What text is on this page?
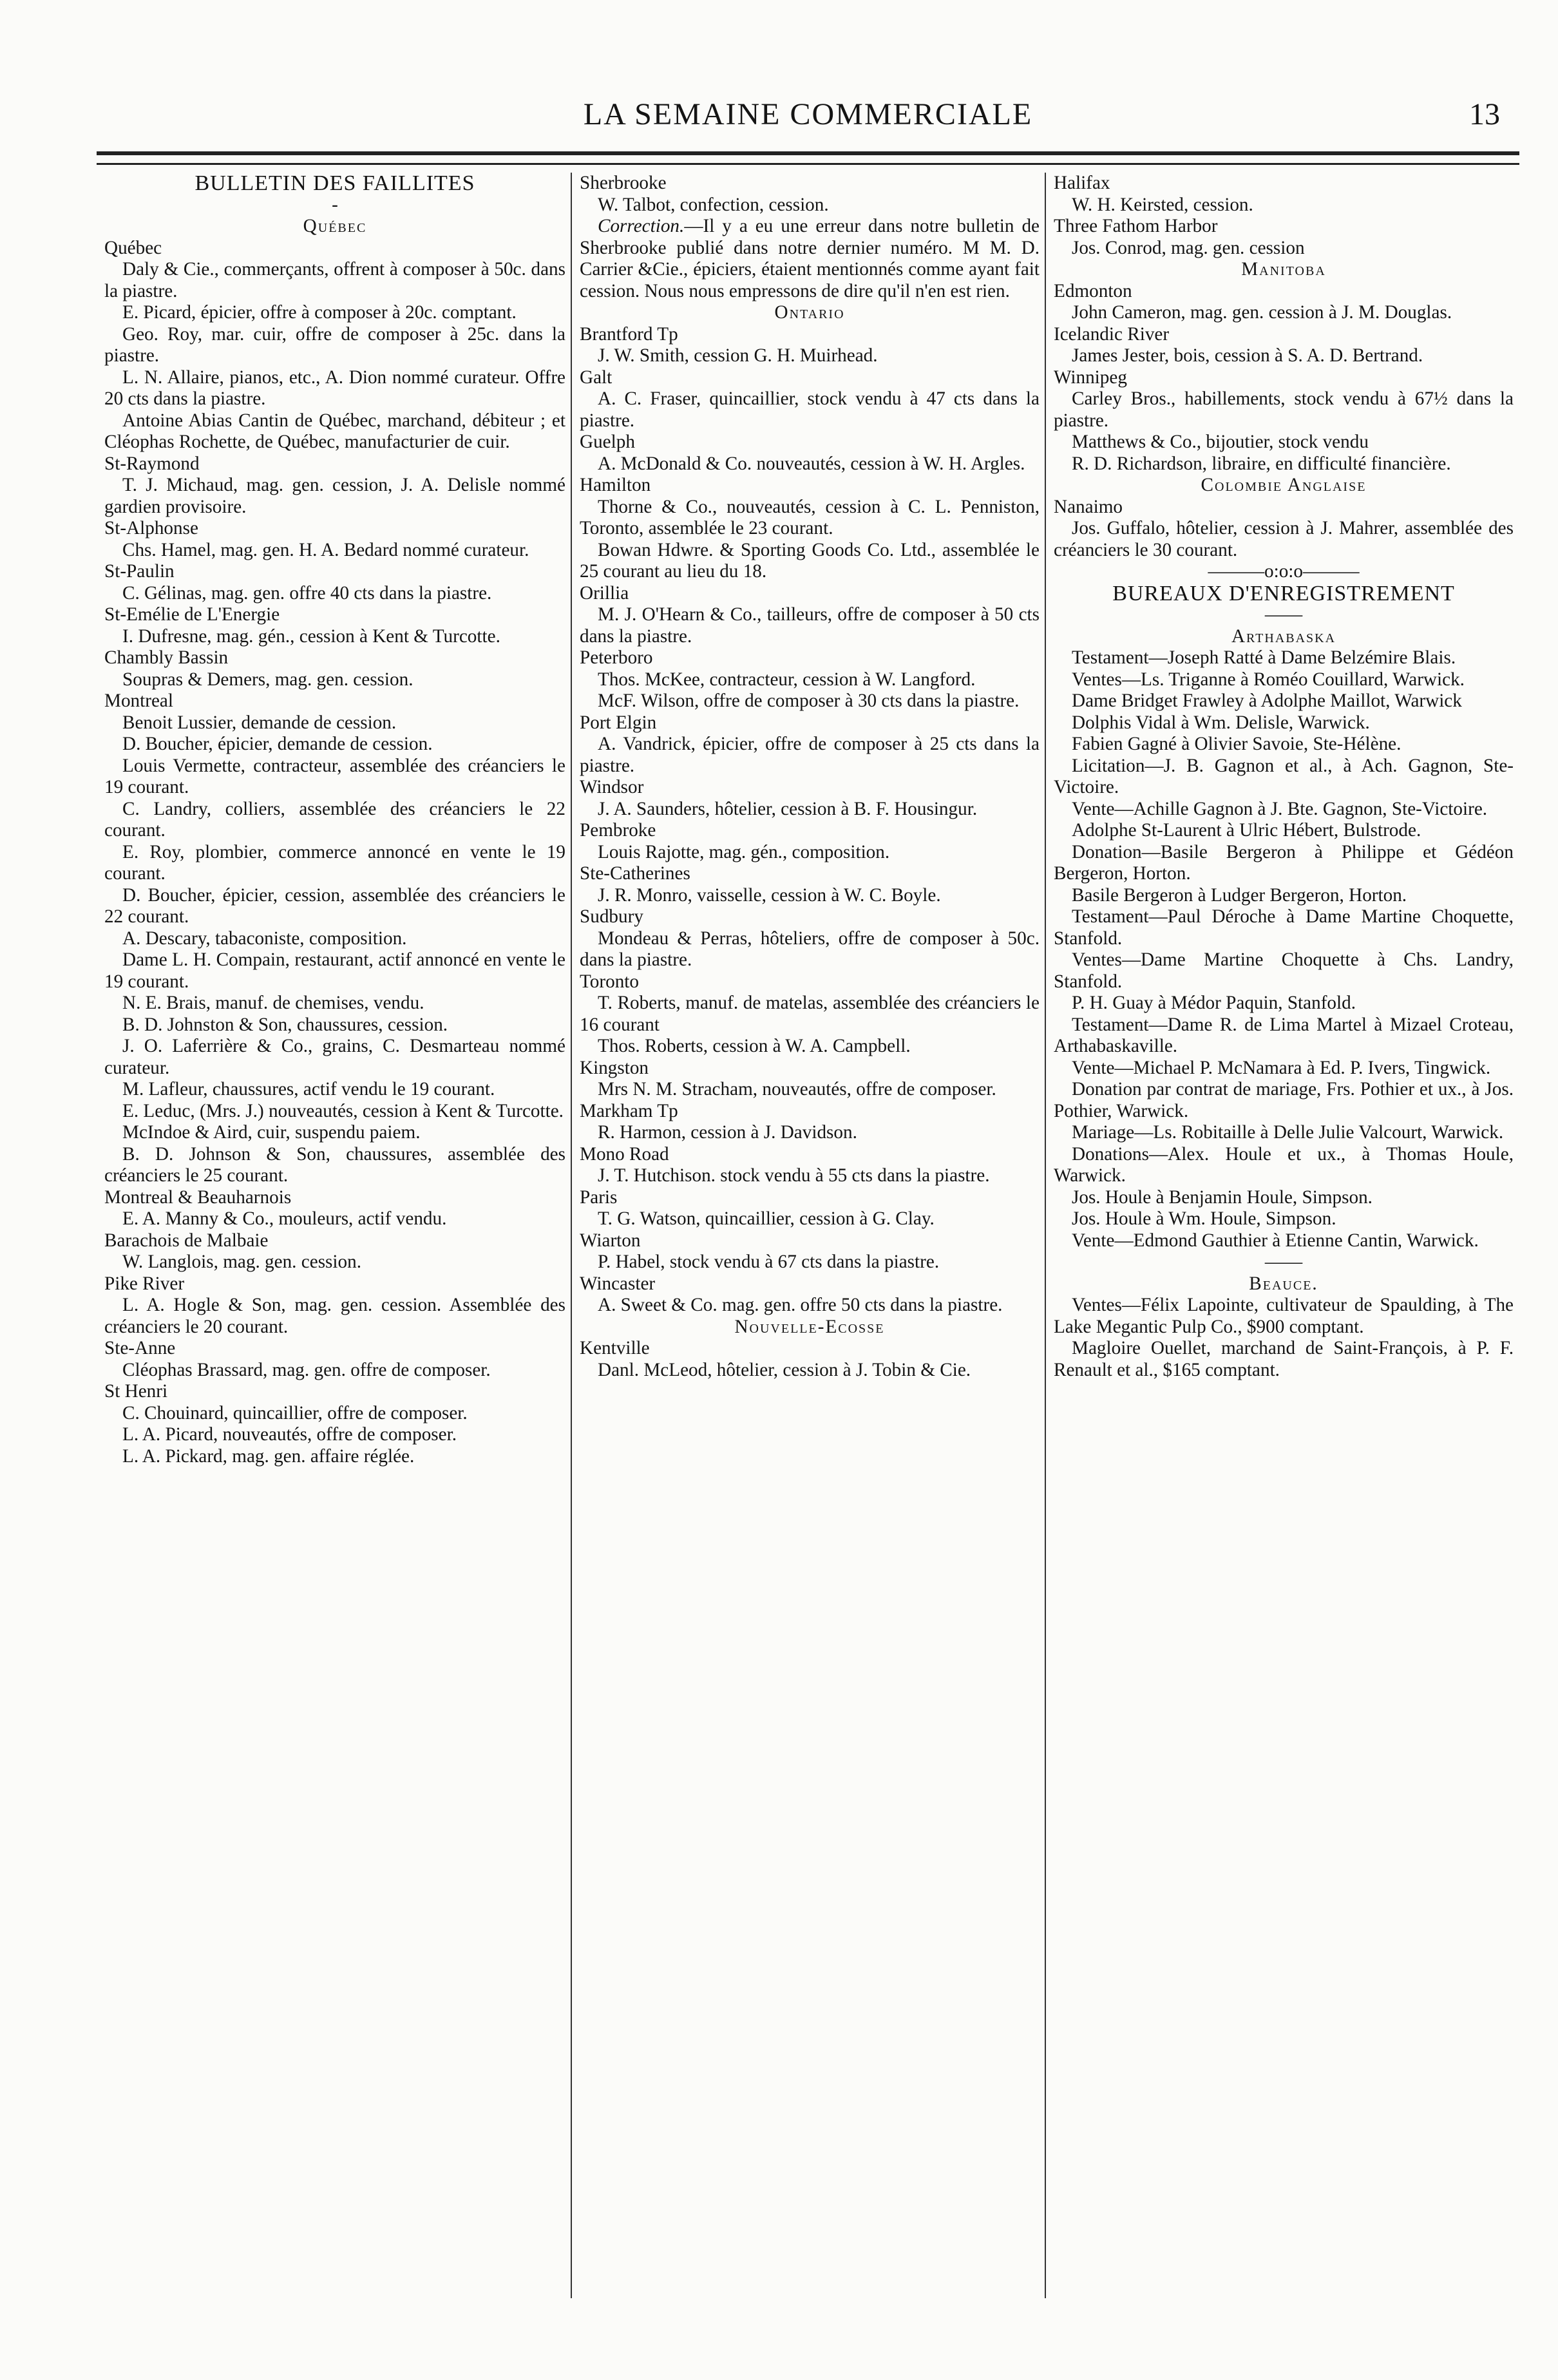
LA SEMAINE COMMERCIALE	13

BULLETIN DES FAILLITES

-

Québec

Québec

Daly & Cie., commerçants, offrent à composer à 50c. dans la piastre.

E. Picard, épicier, offre à composer à 20c. comptant.

Geo. Roy, mar. cuir, offre de composer à 25c. dans la piastre.

L. N. Allaire, pianos, etc., A. Dion nommé curateur. Offre 20 cts dans la piastre.

Antoine Abias Cantin de Québec, marchand, débiteur ; et Cléophas Rochette, de Québec, manufacturier de cuir.

St-Raymond

T. J. Michaud, mag. gen. cession, J. A. Delisle nommé gardien provisoire.

St-Alphonse

Chs. Hamel, mag. gen. H. A. Bedard nommé curateur.

St-Paulin

C. Gélinas, mag. gen. offre 40 cts dans la piastre.

St-Emélie de L'Energie

I. Dufresne, mag. gén., cession à Kent & Turcotte.

Chambly Bassin

Soupras & Demers, mag. gen. cession.

Montreal

Benoit Lussier, demande de cession.

D. Boucher, épicier, demande de cession.

Louis Vermette, contracteur, assemblée des créanciers le 19 courant.

C. Landry, colliers, assemblée des créanciers le 22 courant.

E. Roy, plombier, commerce annoncé en vente le 19 courant.

D. Boucher, épicier, cession, assemblée des créanciers le 22 courant.

A. Descary, tabaconiste, composition.

Dame L. H. Compain, restaurant, actif annoncé en vente le 19 courant.

N. E. Brais, manuf. de chemises, vendu.

B. D. Johnston & Son, chaussures, cession.

J. O. Laferrière & Co., grains, C. Desmarteau nommé curateur.

M. Lafleur, chaussures, actif vendu le 19 courant.

E. Leduc, (Mrs. J.) nouveautés, cession à Kent & Turcotte.

McIndoe & Aird, cuir, suspendu paiem.

B. D. Johnson & Son, chaussures, assemblée des créanciers le 25 courant.

Montreal & Beauharnois

E. A. Manny & Co., mouleurs, actif vendu.

Barachois de Malbaie

W. Langlois, mag. gen. cession.

Pike River

L. A. Hogle & Son, mag. gen. cession. Assemblée des créanciers le 20 courant.

Ste-Anne

Cléophas Brassard, mag. gen. offre de composer.

St Henri

C. Chouinard, quincaillier, offre de composer.

L. A. Picard, nouveautés, offre de composer.

L. A. Pickard, mag. gen. affaire réglée.

Sherbrooke

W. Talbot, confection, cession.

Correction.—Il y a eu une erreur dans notre bulletin de Sherbrooke publié dans notre dernier numéro. M M. D. Carrier &Cie., épiciers, étaient mentionnés comme ayant fait cession. Nous nous empressons de dire qu'il n'en est rien.

Ontario

Brantford Tp

J. W. Smith, cession G. H. Muirhead.

Galt

A. C. Fraser, quincaillier, stock vendu à 47 cts dans la piastre.

Guelph

A. McDonald & Co. nouveautés, cession à W. H. Argles.

Hamilton

Thorne & Co., nouveautés, cession à C. L. Penniston, Toronto, assemblée le 23 courant.

Bowan Hdwre. & Sporting Goods Co. Ltd., assemblée le 25 courant au lieu du 18.

Orillia

M. J. O'Hearn & Co., tailleurs, offre de composer à 50 cts dans la piastre.

Peterboro

Thos. McKee, contracteur, cession à W. Langford.

McF. Wilson, offre de composer à 30 cts dans la piastre.

Port Elgin

A. Vandrick, épicier, offre de composer à 25 cts dans la piastre.

Windsor

J. A. Saunders, hôtelier, cession à B. F. Housingur.

Pembroke

Louis Rajotte, mag. gén., composition.

Ste-Catherines

J. R. Monro, vaisselle, cession à W. C. Boyle.

Sudbury

Mondeau & Perras, hôteliers, offre de composer à 50c. dans la piastre.

Toronto

T. Roberts, manuf. de matelas, assemblée des créanciers le 16 courant

Thos. Roberts, cession à W. A. Campbell.

Kingston

Mrs N. M. Stracham, nouveautés, offre de composer.

Markham Tp

R. Harmon, cession à J. Davidson.

Mono Road

J. T. Hutchison. stock vendu à 55 cts dans la piastre.

Paris

T. G. Watson, quincaillier, cession à G. Clay.

Wiarton

P. Habel, stock vendu à 67 cts dans la piastre.

Wincaster

A. Sweet & Co. mag. gen. offre 50 cts dans la piastre.

Nouvelle-Ecosse

Kentville

Danl. McLeod, hôtelier, cession à J. Tobin & Cie.

Halifax

W. H. Keirsted, cession.

Three Fathom Harbor

Jos. Conrod, mag. gen. cession

Manitoba

Edmonton

John Cameron, mag. gen. cession à J. M. Douglas.

Icelandic River

James Jester, bois, cession à S. A. D. Bertrand.

Winnipeg

Carley Bros., habillements, stock vendu à 67½ dans la piastre.

Matthews & Co., bijoutier, stock vendu

R. D. Richardson, libraire, en difficulté financière.

Colombie Anglaise

Nanaimo

Jos. Guffalo, hôtelier, cession à J. Mahrer, assemblée des créanciers le 30 courant.

———o:o:o———

BUREAUX D'ENREGISTREMENT

——

Arthabaska

Testament—Joseph Ratté à Dame Belzémire Blais.

Ventes—Ls. Triganne à Roméo Couillard, Warwick.

Dame Bridget Frawley à Adolphe Maillot, Warwick

Dolphis Vidal à Wm. Delisle, Warwick.

Fabien Gagné à Olivier Savoie, Ste-Hélène.

Licitation—J. B. Gagnon et al., à Ach. Gagnon, Ste-Victoire.

Vente—Achille Gagnon à J. Bte. Gagnon, Ste-Victoire.

Adolphe St-Laurent à Ulric Hébert, Bulstrode.

Donation—Basile Bergeron à Philippe et Gédéon Bergeron, Horton.

Basile Bergeron à Ludger Bergeron, Horton.

Testament—Paul Déroche à Dame Martine Choquette, Stanfold.

Ventes—Dame Martine Choquette à Chs. Landry, Stanfold.

P. H. Guay à Médor Paquin, Stanfold.

Testament—Dame R. de Lima Martel à Mizael Croteau, Arthabaskaville.

Vente—Michael P. McNamara à Ed. P. Ivers, Tingwick.

Donation par contrat de mariage, Frs. Pothier et ux., à Jos. Pothier, Warwick.

Mariage—Ls. Robitaille à Delle Julie Valcourt, Warwick.

Donations—Alex. Houle et ux., à Thomas Houle, Warwick.

Jos. Houle à Benjamin Houle, Simpson.

Jos. Houle à Wm. Houle, Simpson.

Vente—Edmond Gauthier à Etienne Cantin, Warwick.

——

Beauce.

Ventes—Félix Lapointe, cultivateur de Spaulding, à The Lake Megantic Pulp Co., $900 comptant.

Magloire Ouellet, marchand de Saint-François, à P. F. Renault et al., $165 comptant.
